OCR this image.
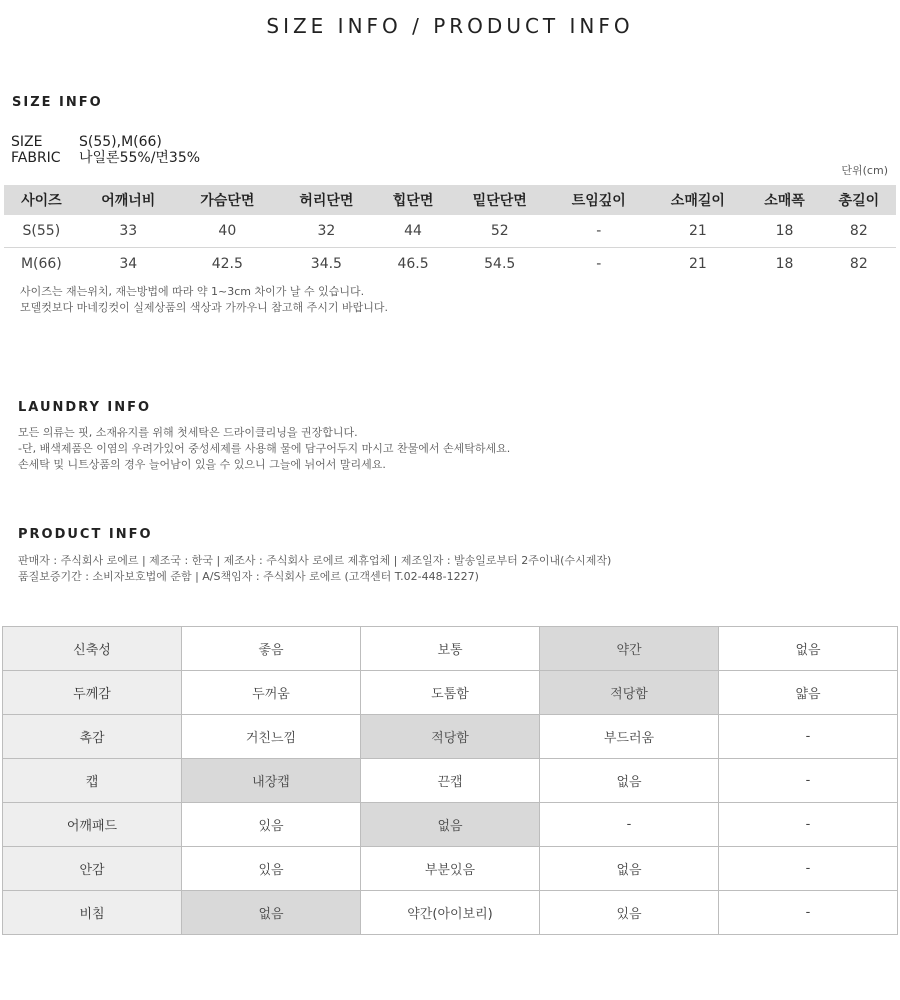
SIZE INFO / PRODUCT INFO
SIZE INFO
SIZE	S(55),M(66)
FABRIC 나일론55%/면35%
단위(cm)
사이즈	어깨너비	가슴단면	허리단면	힙단면	밑단단면	트임깊이	소매길이	소매폭	총길이
S(55)	33	40	32	44	52	-	21	18	82
M(66)	34	42.5	34.5	46.5	54.5	-	21	18	82
사이즈는 재는위치, 재는방법에 따라 약 1~3cm 차이가 날 수 있습니다.
모델컷보다 마네킹컷이 실제상품의 색상과 가까우니 참고해 주시기 바랍니다.
LAUNDRY INFO
모든 의류는 핏, 소재유지를 위해 첫세탁은 드라이클리닝을 권장합니다.
-단, 배색제품은 이염의 우려가있어 중성세제를 사용해 물에 담구어두지 마시고 찬물에서 손세탁하세요.
손세탁 및 니트상품의 경우 늘어남이 있을 수 있으니 그늘에 뉘어서 말리세요.
PRODUCT INFO
판매자 : 주식회사 로에르 | 제조국 : 한국 | 제조사 : 주식회사 로에르 제휴업체 | 제조일자 : 발송일로부터 2주이내(수시제작)
품질보증기간 : 소비자보호법에 준함 | A/S책임자 : 주식회사 로에르 (고객센터 T.02-448-1227)
신축성	좋음	보통	약간	없음
두께감	두꺼움	도톰함	적당함	얇음
촉감	거친느낌	적당함	부드러움	-
캡	내장캡	끈캡	없음	-
어깨패드	있음	없음	-	-
안감	있음	부분있음	없음	-
비침	없음	약간(아이보리)	있음	-
